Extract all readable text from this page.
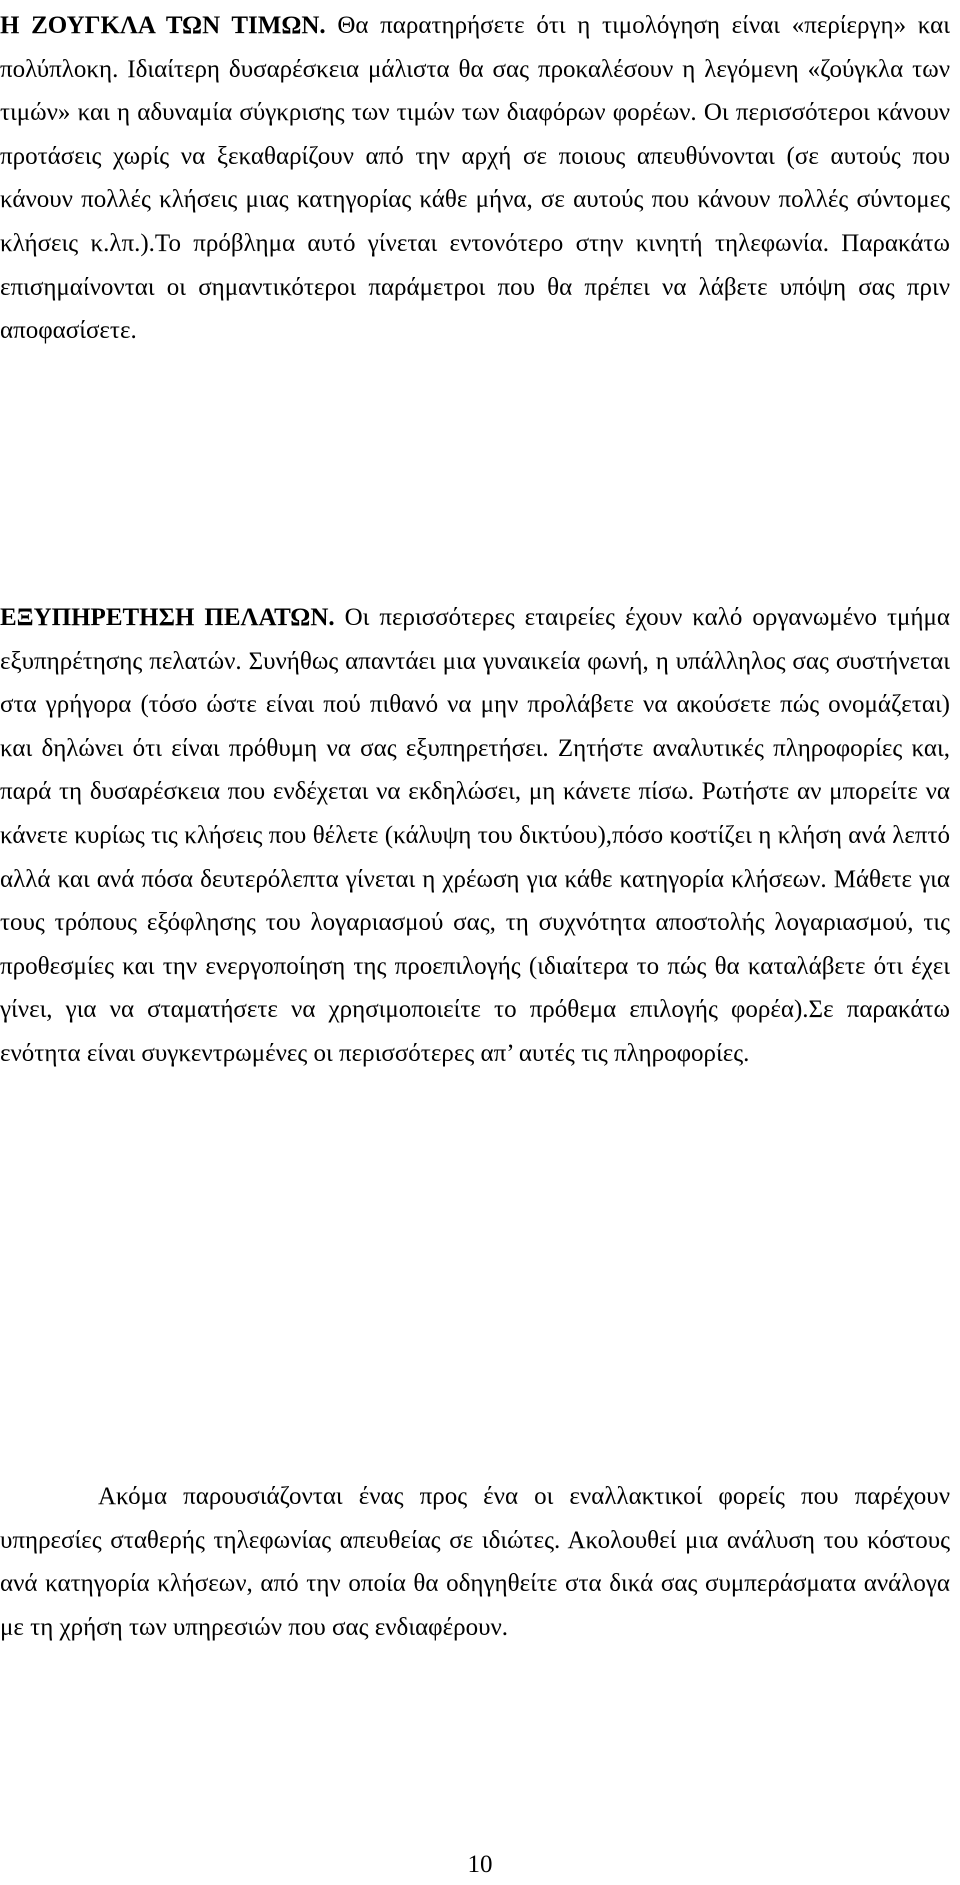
Η ΖΟΥΓΚΛΑ ΤΩΝ ΤΙΜΩΝ. Θα παρατηρήσετε ότι η τιμολόγηση είναι «περίεργη» και πολύπλοκη. Ιδιαίτερη δυσαρέσκεια μάλιστα θα σας προκαλέσουν η λεγόμενη «ζούγκλα των τιμών» και η αδυναμία σύγκρισης των τιμών των διαφόρων φορέων. Οι περισσότεροι κάνουν προτάσεις χωρίς να ξεκαθαρίζουν από την αρχή σε ποιους απευθύνονται (σε αυτούς που κάνουν πολλές κλήσεις μιας κατηγορίας κάθε μήνα, σε αυτούς που κάνουν πολλές σύντομες κλήσεις κ.λπ.).Το πρόβλημα αυτό γίνεται εντονότερο στην κινητή τηλεφωνία. Παρακάτω επισημαίνονται οι σημαντικότεροι παράμετροι που θα πρέπει να λάβετε υπόψη σας πριν αποφασίσετε.

ΕΞΥΠΗΡΕΤΗΣΗ ΠΕΛΑΤΩΝ. Οι περισσότερες εταιρείες έχουν καλό οργανωμένο τμήμα εξυπηρέτησης πελατών. Συνήθως απαντάει μια γυναικεία φωνή, η υπάλληλος σας συστήνεται στα γρήγορα (τόσο ώστε είναι πού πιθανό να μην προλάβετε να ακούσετε πώς ονομάζεται) και δηλώνει ότι είναι πρόθυμη να σας εξυπηρετήσει. Ζητήστε αναλυτικές πληροφορίες και, παρά τη δυσαρέσκεια που ενδέχεται να εκδηλώσει, μη κάνετε πίσω. Ρωτήστε αν μπορείτε να κάνετε κυρίως τις κλήσεις που θέλετε (κάλυψη του δικτύου),πόσο κοστίζει η κλήση ανά λεπτό αλλά και ανά πόσα δευτερόλεπτα γίνεται η χρέωση για κάθε κατηγορία κλήσεων. Μάθετε για τους τρόπους εξόφλησης του λογαριασμού σας, τη συχνότητα αποστολής λογαριασμού, τις προθεσμίες και την ενεργοποίηση της προεπιλογής (ιδιαίτερα το πώς θα καταλάβετε ότι έχει γίνει, για να σταματήσετε να χρησιμοποιείτε το πρόθεμα επιλογής φορέα).Σε παρακάτω ενότητα είναι συγκεντρωμένες οι περισσότερες απ’ αυτές τις πληροφορίες.

Ακόμα παρουσιάζονται ένας προς ένα οι εναλλακτικοί φορείς που παρέχουν υπηρεσίες σταθερής τηλεφωνίας απευθείας σε ιδιώτες. Ακολουθεί μια ανάλυση του κόστους ανά κατηγορία κλήσεων, από την οποία θα οδηγηθείτε στα δικά σας συμπεράσματα ανάλογα με τη χρήση των υπηρεσιών που σας ενδιαφέρουν.

10
